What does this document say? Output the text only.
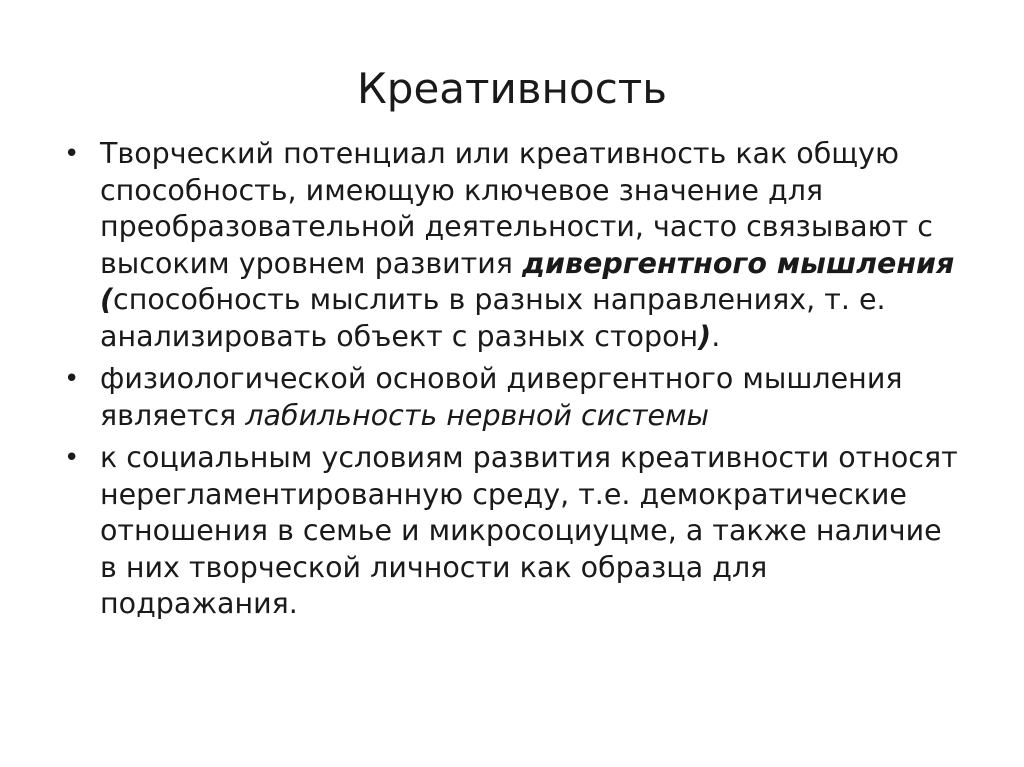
Креативность
• Творческий потенциал или креативность как общую способность, имеющую ключевое значение для преобразовательной деятельности, часто связывают с высоким уровнем развития дивергентного мышления (способность мыслить в разных направлениях, т. е. анализировать объект с разных сторон).
• физиологической основой дивергентного мышления является лабильность нервной системы
• к социальным условиям развития креативности относят нерегламентированную среду, т.е. демократические отношения в семье и микросоциуцме, а также наличие в них творческой личности как образца для подражания.
